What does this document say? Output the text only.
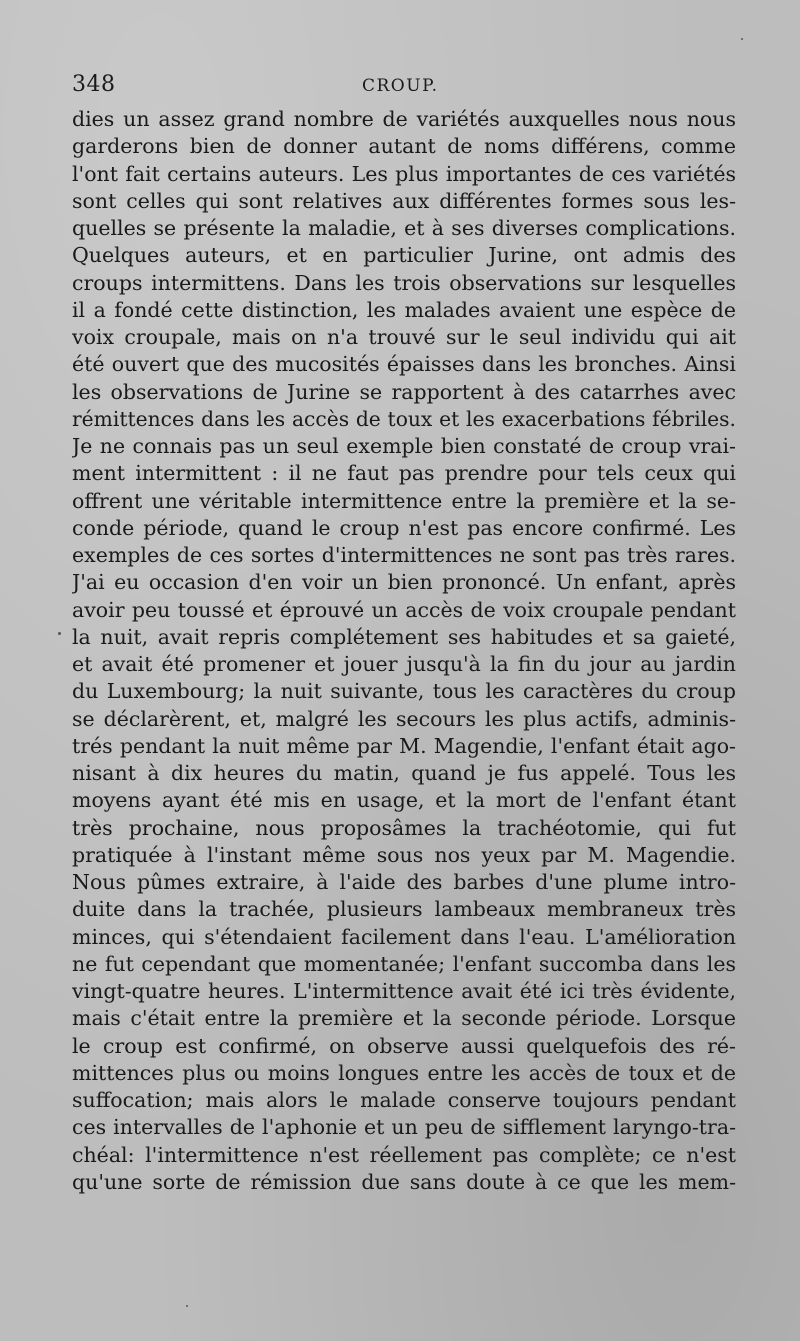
348	CROUP.
dies un assez grand nombre de variétés auxquelles nous nous
garderons bien de donner autant de noms différens, comme
l'ont fait certains auteurs. Les plus importantes de ces variétés
sont celles qui sont relatives aux différentes formes sous les-
quelles se présente la maladie, et à ses diverses complications.
Quelques auteurs, et en particulier Jurine, ont admis des
croups intermittens. Dans les trois observations sur lesquelles
il a fondé cette distinction, les malades avaient une espèce de
voix croupale, mais on n'a trouvé sur le seul individu qui ait
été ouvert que des mucosités épaisses dans les bronches. Ainsi
les observations de Jurine se rapportent à des catarrhes avec
rémittences dans les accès de toux et les exacerbations fébriles.
Je ne connais pas un seul exemple bien constaté de croup vrai-
ment intermittent : il ne faut pas prendre pour tels ceux qui
offrent une véritable intermittence entre la première et la se-
conde période, quand le croup n'est pas encore confirmé. Les
exemples de ces sortes d'intermittences ne sont pas très rares.
J'ai eu occasion d'en voir un bien prononcé. Un enfant, après
avoir peu toussé et éprouvé un accès de voix croupale pendant
la nuit, avait repris complétement ses habitudes et sa gaieté,
et avait été promener et jouer jusqu'à la fin du jour au jardin
du Luxembourg; la nuit suivante, tous les caractères du croup
se déclarèrent, et, malgré les secours les plus actifs, adminis-
trés pendant la nuit même par M. Magendie, l'enfant était ago-
nisant à dix heures du matin, quand je fus appelé. Tous les
moyens ayant été mis en usage, et la mort de l'enfant étant
très prochaine, nous proposâmes la trachéotomie, qui fut
pratiquée à l'instant même sous nos yeux par M. Magendie.
Nous pûmes extraire, à l'aide des barbes d'une plume intro-
duite dans la trachée, plusieurs lambeaux membraneux très
minces, qui s'étendaient facilement dans l'eau. L'amélioration
ne fut cependant que momentanée; l'enfant succomba dans les
vingt-quatre heures. L'intermittence avait été ici très évidente,
mais c'était entre la première et la seconde période. Lorsque
le croup est confirmé, on observe aussi quelquefois des ré-
mittences plus ou moins longues entre les accès de toux et de
suffocation; mais alors le malade conserve toujours pendant
ces intervalles de l'aphonie et un peu de sifflement laryngo-tra-
chéal: l'intermittence n'est réellement pas complète; ce n'est
qu'une sorte de rémission due sans doute à ce que les mem-
